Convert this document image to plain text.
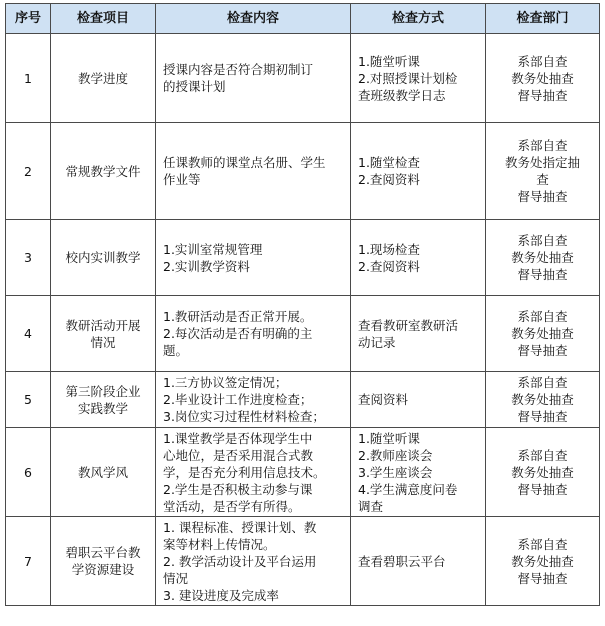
序号	检查项目	检查内容	检查方式	检查部门
1	教学进度	授课内容是否符合期初制订
的授课计划	1.随堂听课
2.对照授课计划检
查班级教学日志	系部自查
教务处抽查
督导抽查

2	常规教学文件	任课教师的课堂点名册、学生
作业等	1.随堂检查
2.查阅资料	系部自查
教务处指定抽
查
督导抽查

3	校内实训教学	1.实训室常规管理
2.实训教学资料	1.现场检查
2.查阅资料	系部自查
教务处抽查
督导抽查

4	教研活动开展
情况	1.教研活动是否正常开展。
2.每次活动是否有明确的主
题。	查看教研室教研活
动记录	系部自查
教务处抽查
督导抽查

5	第三阶段企业
实践教学	1.三方协议签定情况；
2.毕业设计工作进度检查；
3.岗位实习过程性材料检查；	查阅资料	系部自查
教务处抽查
督导抽查

6	教风学风	1.课堂教学是否体现学生中
心地位，是否采用混合式教
学，是否充分利用信息技术。
2.学生是否积极主动参与课
堂活动，是否学有所得。	1.随堂听课
2.教师座谈会
3.学生座谈会
4.学生满意度问卷
调查	系部自查
教务处抽查
督导抽查

7	碧职云平台教
学资源建设	1. 课程标准、授课计划、教
案等材料上传情况。
2. 教学活动设计及平台运用
情况
3. 建设进度及完成率	查看碧职云平台	系部自查
教务处抽查
督导抽查
